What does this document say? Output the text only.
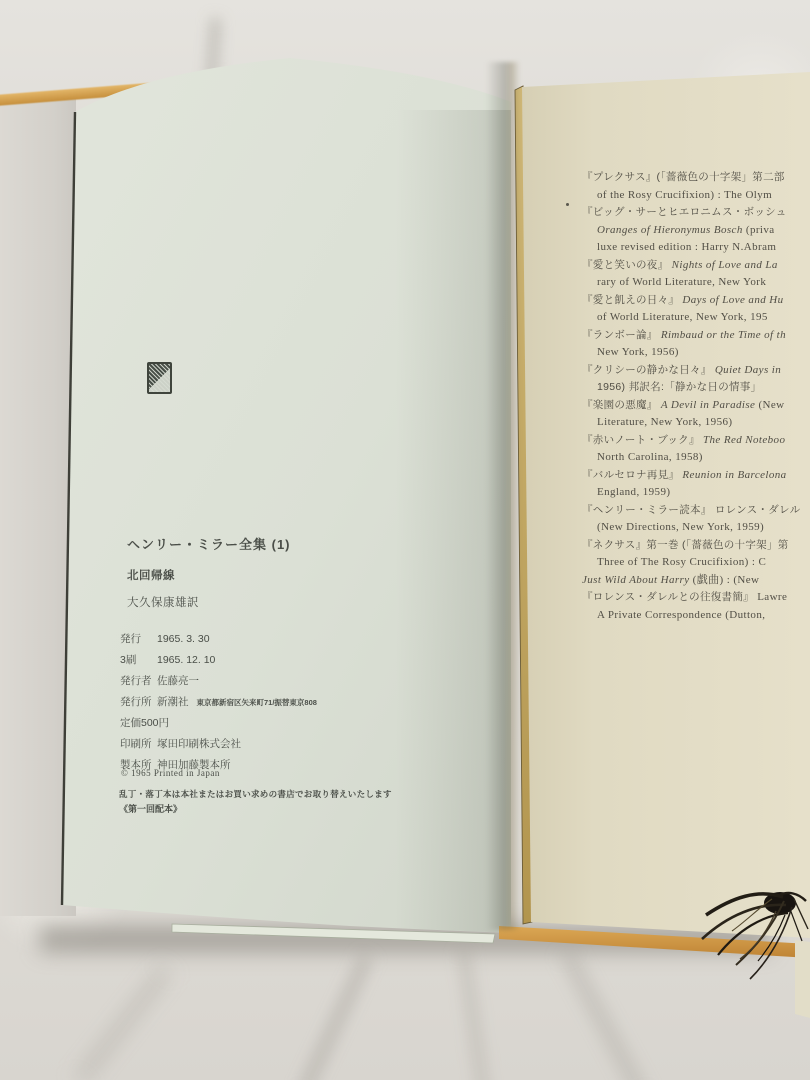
ヘンリー・ミラー全集 (1)
北回帰線
大久保康雄訳
発行 1965. 3. 30
3刷 1965. 12. 10
発行者 佐藤亮一
発行所 新潮社 東京都新宿区矢来町71/振替東京808
定価500円
印刷所 塚田印刷株式会社
製本所 神田加藤製本所
© 1965 Printed in Japan
乱丁・落丁本は本社またはお買い求めの書店でお取り替えいたします
《第一回配本》
『プレクサス』(「薔薇色の十字架」第二部
of the Rosy Crucifixion) : The Olym
『ビッグ・サーとヒエロニムス・ボッシュ
Oranges of Hieronymus Bosch (priva
luxe revised edition : Harry N.Abram
『愛と笑いの夜』 Nights of Love and La
rary of World Literature, New York
『愛と飢えの日々』 Days of Love and Hu
of World Literature, New York, 195
『ランボー論』 Rimbaud or the Time of th
New York, 1956)
『クリシーの静かな日々』 Quiet Days in
1956) 邦訳名:「静かな日の情事」
『楽園の悪魔』 A Devil in Paradise (New
Literature, New York, 1956)
『赤いノート・ブック』 The Red Noteboo
North Carolina, 1958)
『バルセロナ再見』 Reunion in Barcelona
England, 1959)
『ヘンリー・ミラー読本』 ロレンス・ダレル
(New Directions, New York, 1959)
『ネクサス』第一巻 (「薔薇色の十字架」第
Three of The Rosy Crucifixion) : C
Just Wild About Harry (戯曲) : (New
『ロレンス・ダレルとの往復書簡』 Lawre
A Private Correspondence (Dutton,
